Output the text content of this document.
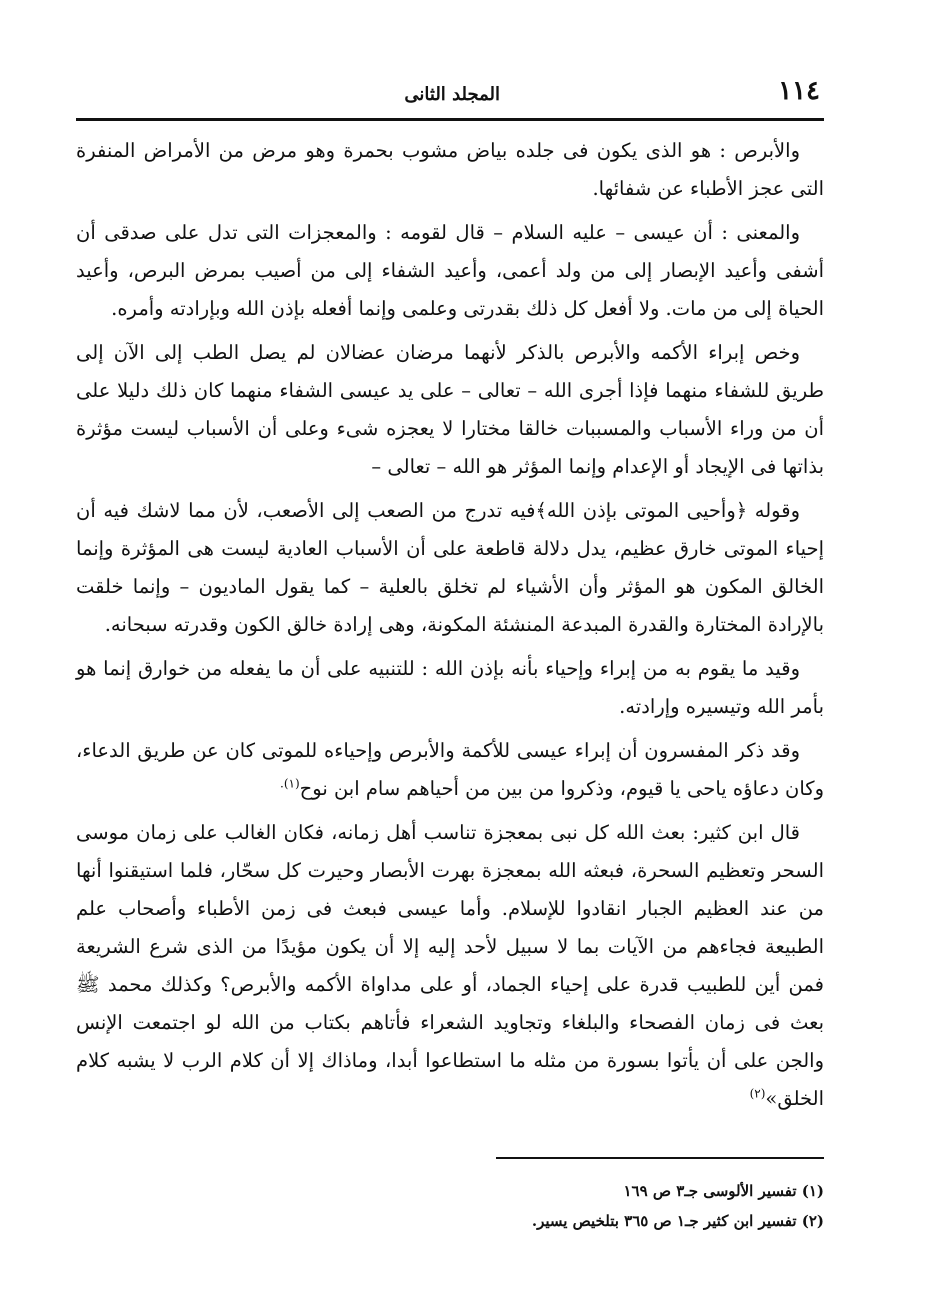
١١٤
المجلد الثانى

والأبرص : هو الذى يكون فى جلده بياض مشوب بحمرة وهو مرض من الأمراض المنفرة التى عجز الأطباء عن شفائها.

والمعنى : أن عيسى – عليه السلام – قال لقومه : والمعجزات التى تدل على صدقى أن أشفى وأعيد الإبصار إلى من ولد أعمى، وأعيد الشفاء إلى من أصيب بمرض البرص، وأعيد الحياة إلى من مات. ولا أفعل كل ذلك بقدرتى وعلمى وإنما أفعله بإذن الله وبإرادته وأمره.

وخص إبراء الأكمه والأبرص بالذكر لأنهما مرضان عضالان لم يصل الطب إلى الآن إلى طريق للشفاء منهما فإذا أجرى الله – تعالى – على يد عيسى الشفاء منهما كان ذلك دليلا على أن من وراء الأسباب والمسببات خالقا مختارا لا يعجزه شىء وعلى أن الأسباب ليست مؤثرة بذاتها فى الإيجاد أو الإعدام وإنما المؤثر هو الله – تعالى –

وقوله ﴿وأحيى الموتى بإذن الله﴾فيه تدرج من الصعب إلى الأصعب، لأن مما لاشك فيه أن إحياء الموتى خارق عظيم، يدل دلالة قاطعة على أن الأسباب العادية ليست هى المؤثرة وإنما الخالق المكون هو المؤثر وأن الأشياء لم تخلق بالعلية – كما يقول الماديون – وإنما خلقت بالإرادة المختارة والقدرة المبدعة المنشئة المكونة، وهى إرادة خالق الكون وقدرته سبحانه.

وقيد ما يقوم به من إبراء وإحياء بأنه بإذن الله : للتنبيه على أن ما يفعله من خوارق إنما هو بأمر الله وتيسيره وإرادته.

وقد ذكر المفسرون أن إبراء عيسى للأكمة والأبرص وإحياءه للموتى كان عن طريق الدعاء، وكان دعاؤه ياحى يا قيوم، وذكروا من بين من أحياهم سام ابن نوح$^{(١).}$

قال ابن كثير: بعث الله كل نبى بمعجزة تناسب أهل زمانه، فكان الغالب على زمان موسى السحر وتعظيم السحرة، فبعثه الله بمعجزة بهرت الأبصار وحيرت كل سحّار، فلما استيقنوا أنها من عند العظيم الجبار انقادوا للإسلام. وأما عيسى فبعث فى زمن الأطباء وأصحاب علم الطبيعة فجاءهم من الآيات بما لا سبيل لأحد إليه إلا أن يكون مؤيدًا من الذى شرع الشريعة فمن أين للطبيب قدرة على إحياء الجماد، أو على مداواة الأكمه والأبرص؟ وكذلك محمد ﷺ بعث فى زمان الفصحاء والبلغاء وتجاويد الشعراء فأتاهم بكتاب من الله لو اجتمعت الإنس والجن على أن يأتوا بسورة من مثله ما استطاعوا أبدا، وماذاك إلا أن كلام الرب لا يشبه كلام الخلق»$^{(٢)}$

(١) تفسير الألوسى جـ٣ ص ١٦٩

(٢) تفسير ابن كثير جـ١ ص ٣٦٥ بتلخيص يسير.
